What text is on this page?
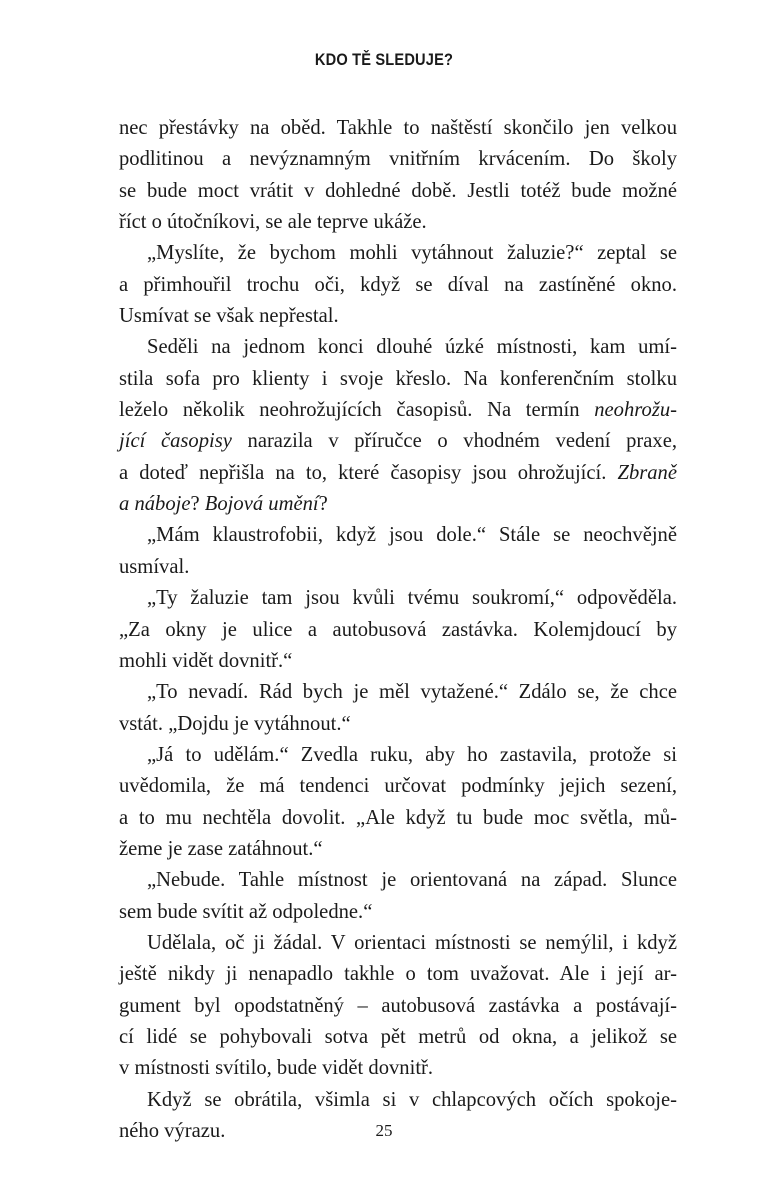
KDO TĚ SLEDUJE?
nec přestávky na oběd. Takhle to naštěstí skončilo jen velkou
podlitinou a nevýznamným vnitřním krvácením. Do školy
se bude moct vrátit v dohledné době. Jestli totéž bude možné
říct o útočníkovi, se ale teprve ukáže.
„Myslíte, že bychom mohli vytáhnout žaluzie?“ zeptal se
a přimhouřil trochu oči, když se díval na zastíněné okno.
Usmívat se však nepřestal.
Seděli na jednom konci dlouhé úzké místnosti, kam umí-
stila sofa pro klienty i svoje křeslo. Na konferenčním stolku
leželo několik neohrožujících časopisů. Na termín neohrožu-
jící časopisy narazila v příručce o vhodném vedení praxe,
a doteď nepřišla na to, které časopisy jsou ohrožující. Zbraně
a náboje? Bojová umění?
„Mám klaustrofobii, když jsou dole.“ Stále se neochvějně
usmíval.
„Ty žaluzie tam jsou kvůli tvému soukromí,“ odpověděla.
„Za okny je ulice a autobusová zastávka. Kolemjdoucí by
mohli vidět dovnitř.“
„To nevadí. Rád bych je měl vytažené.“ Zdálo se, že chce
vstát. „Dojdu je vytáhnout.“
„Já to udělám.“ Zvedla ruku, aby ho zastavila, protože si
uvědomila, že má tendenci určovat podmínky jejich sezení,
a to mu nechtěla dovolit. „Ale když tu bude moc světla, mů-
žeme je zase zatáhnout.“
„Nebude. Tahle místnost je orientovaná na západ. Slunce
sem bude svítit až odpoledne.“
Udělala, oč ji žádal. V orientaci místnosti se nemýlil, i když
ještě nikdy ji nenapadlo takhle o tom uvažovat. Ale i její ar-
gument byl opodstatněný – autobusová zastávka a postávají-
cí lidé se pohybovali sotva pět metrů od okna, a jelikož se
v místnosti svítilo, bude vidět dovnitř.
Když se obrátila, všimla si v chlapcových očích spokoje-
ného výrazu.	25
